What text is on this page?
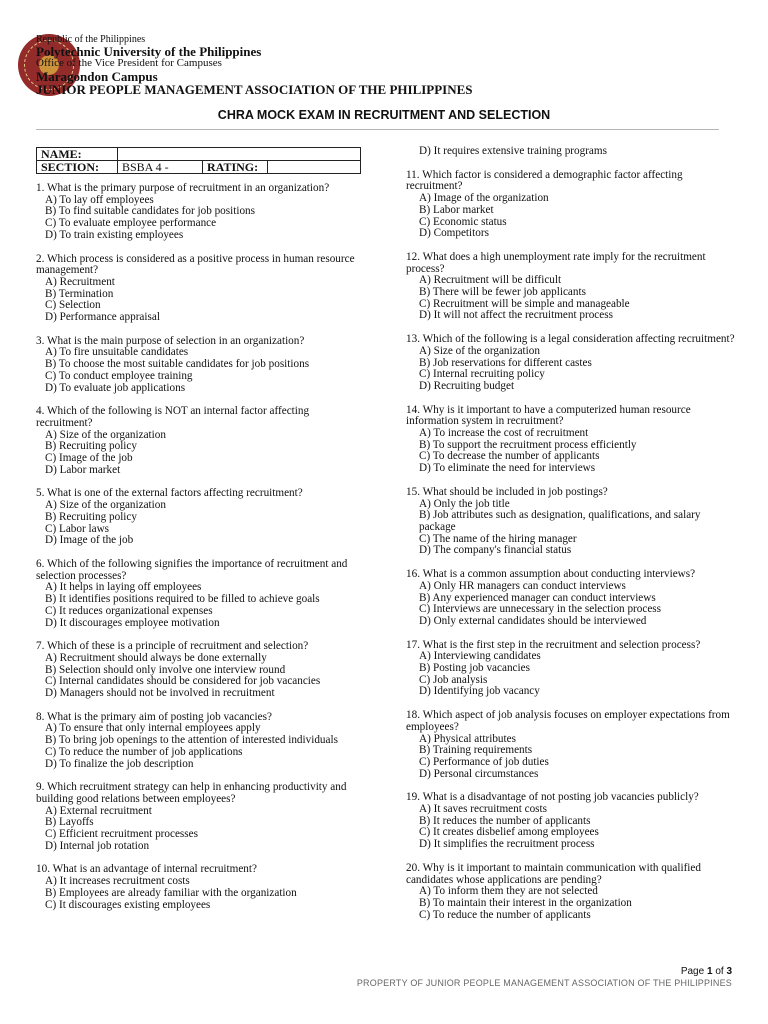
Republic of the Philippines
Polytechnic University of the Philippines
Office of the Vice President for Campuses
Maragondon Campus
JUNIOR PEOPLE MANAGEMENT ASSOCIATION OF THE PHILIPPINES
CHRA MOCK EXAM IN RECRUITMENT AND SELECTION
NAME:			
SECTION:	BSBA 4 -	RATING:	

1. What is the primary purpose of recruitment in an organization?

A) To lay off employees

B) To find suitable candidates for job positions

C) To evaluate employee performance

D) To train existing employees

2. Which process is considered as a positive process in human resource management?

A) Recruitment

B) Termination

C) Selection

D) Performance appraisal

3. What is the main purpose of selection in an organization?

A) To fire unsuitable candidates

B) To choose the most suitable candidates for job positions

C) To conduct employee training

D) To evaluate job applications

4. Which of the following is NOT an internal factor affecting recruitment?

A) Size of the organization

B) Recruiting policy

C) Image of the job

D) Labor market

5. What is one of the external factors affecting recruitment?

A) Size of the organization

B) Recruiting policy

C) Labor laws

D) Image of the job

6. Which of the following signifies the importance of recruitment and selection processes?

A) It helps in laying off employees

B) It identifies positions required to be filled to achieve goals

C) It reduces organizational expenses

D) It discourages employee motivation

7. Which of these is a principle of recruitment and selection?

A) Recruitment should always be done externally

B) Selection should only involve one interview round

C) Internal candidates should be considered for job vacancies

D) Managers should not be involved in recruitment

8. What is the primary aim of posting job vacancies?

A) To ensure that only internal employees apply

B) To bring job openings to the attention of interested individuals

C) To reduce the number of job applications

D) To finalize the job description

9. Which recruitment strategy can help in enhancing productivity and building good relations between employees?

A) External recruitment

B) Layoffs

C) Efficient recruitment processes

D) Internal job rotation

10. What is an advantage of internal recruitment?

A) It increases recruitment costs

B) Employees are already familiar with the organization

C) It discourages existing employees

D) It requires extensive training programs

11. Which factor is considered a demographic factor affecting recruitment?

A) Image of the organization

B) Labor market

C) Economic status

D) Competitors

12. What does a high unemployment rate imply for the recruitment process?

A) Recruitment will be difficult

B) There will be fewer job applicants

C) Recruitment will be simple and manageable

D) It will not affect the recruitment process

13. Which of the following is a legal consideration affecting recruitment?

A) Size of the organization

B) Job reservations for different castes

C) Internal recruiting policy

D) Recruiting budget

14. Why is it important to have a computerized human resource information system in recruitment?

A) To increase the cost of recruitment

B) To support the recruitment process efficiently

C) To decrease the number of applicants

D) To eliminate the need for interviews

15. What should be included in job postings?

A) Only the job title

B) Job attributes such as designation, qualifications, and salary package

C) The name of the hiring manager

D) The company's financial status

16. What is a common assumption about conducting interviews?

A) Only HR managers can conduct interviews

B) Any experienced manager can conduct interviews

C) Interviews are unnecessary in the selection process

D) Only external candidates should be interviewed

17. What is the first step in the recruitment and selection process?

A) Interviewing candidates

B) Posting job vacancies

C) Job analysis

D) Identifying job vacancy

18. Which aspect of job analysis focuses on employer expectations from employees?

A) Physical attributes

B) Training requirements

C) Performance of job duties

D) Personal circumstances

19. What is a disadvantage of not posting job vacancies publicly?

A) It saves recruitment costs

B) It reduces the number of applicants

C) It creates disbelief among employees

D) It simplifies the recruitment process

20. Why is it important to maintain communication with qualified candidates whose applications are pending?

A) To inform them they are not selected

B) To maintain their interest in the organization

C) To reduce the number of applicants

Page 1 of 3
PROPERTY OF JUNIOR PEOPLE MANAGEMENT ASSOCIATION OF THE PHILIPPINES
